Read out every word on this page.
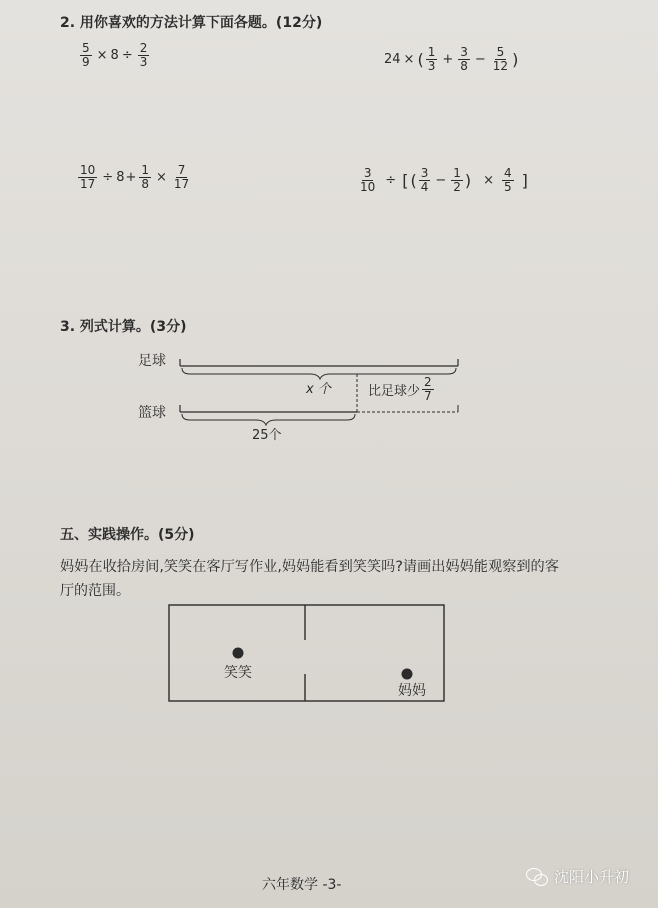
2. 用你喜欢的方法计算下面各题。(12分)
$\frac{5}{9} \times 8 \div \frac{2}{3}$	24 × ( $\frac{1}{3} + \frac{3}{8} - \frac{5}{12}$ )
$\frac{10}{17} \div 8 + \frac{1}{8} \times \frac{7}{17}$	$\frac{3}{10}$ ÷ [ ( $\frac{3}{4} - \frac{1}{2}$ ) × $\frac{4}{5}$ ]
3. 列式计算。(3分)
足球
篮球
x 个	比足球少 $\frac{2}{7}$
25个
五、实践操作。(5分)
妈妈在收拾房间,笑笑在客厅写作业,妈妈能看到笑笑吗?请画出妈妈能观察到的客
厅的范围。
笑笑
妈妈
六年数学 -3-	沈阳小升初
